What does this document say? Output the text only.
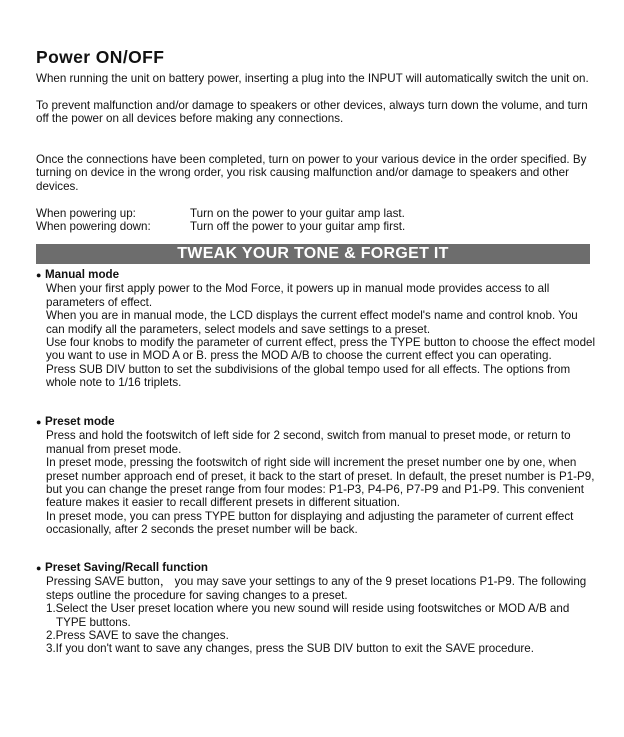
Power ON/OFF

When running the unit on battery power, inserting a plug into the INPUT will automatically switch the unit on.

To prevent malfunction and/or damage to speakers or other devices, always turn down the volume, and turn off the power on all devices before making any connections.

Once the connections have been completed, turn on power to your various device in the order specified. By turning on device in the wrong order, you risk causing malfunction and/or damage to speakers and other devices.

When powering up:	Turn on the power to your guitar amp last.
When powering down:	Turn off the power to your guitar amp first.
TWEAK YOUR TONE & FORGET IT
● Manual mode

When your first apply power to the Mod Force, it powers up in manual mode provides access to all parameters of effect.

When you are in manual mode, the LCD displays the current effect model's name and control knob. You can modify all the parameters, select models and save settings to a preset.

Use four knobs to modify the parameter of current effect, press the TYPE button to choose the effect model you want to use in MOD A or B. press the MOD A/B to choose the current effect you can operating.

Press SUB DIV button to set the subdivisions of the global tempo used for all effects. The options from whole note to 1/16 triplets.

● Preset mode

Press and hold the footswitch of left side for 2 second, switch from manual to preset mode, or return to manual from preset mode.

In preset mode, pressing the footswitch of right side will increment the preset number one by one, when preset number approach end of preset, it back to the start of preset. In default, the preset number is P1-P9, but you can change the preset range from four modes: P1-P3, P4-P6, P7-P9 and P1-P9. This convenient feature makes it easier to recall different presets in different situation.

In preset mode, you can press TYPE button for displaying and adjusting the parameter of current effect occasionally, after 2 seconds the preset number will be back.

● Preset Saving/Recall function

Pressing SAVE button， you may save your settings to any of the 9 preset locations P1-P9. The following steps outline the procedure for saving changes to a preset.

1.Select the User preset location where you new sound will reside using footswitches or MOD A/B and TYPE buttons.

2.Press SAVE to save the changes.

3.If you don't want to save any changes, press the SUB DIV button to exit the SAVE procedure.
